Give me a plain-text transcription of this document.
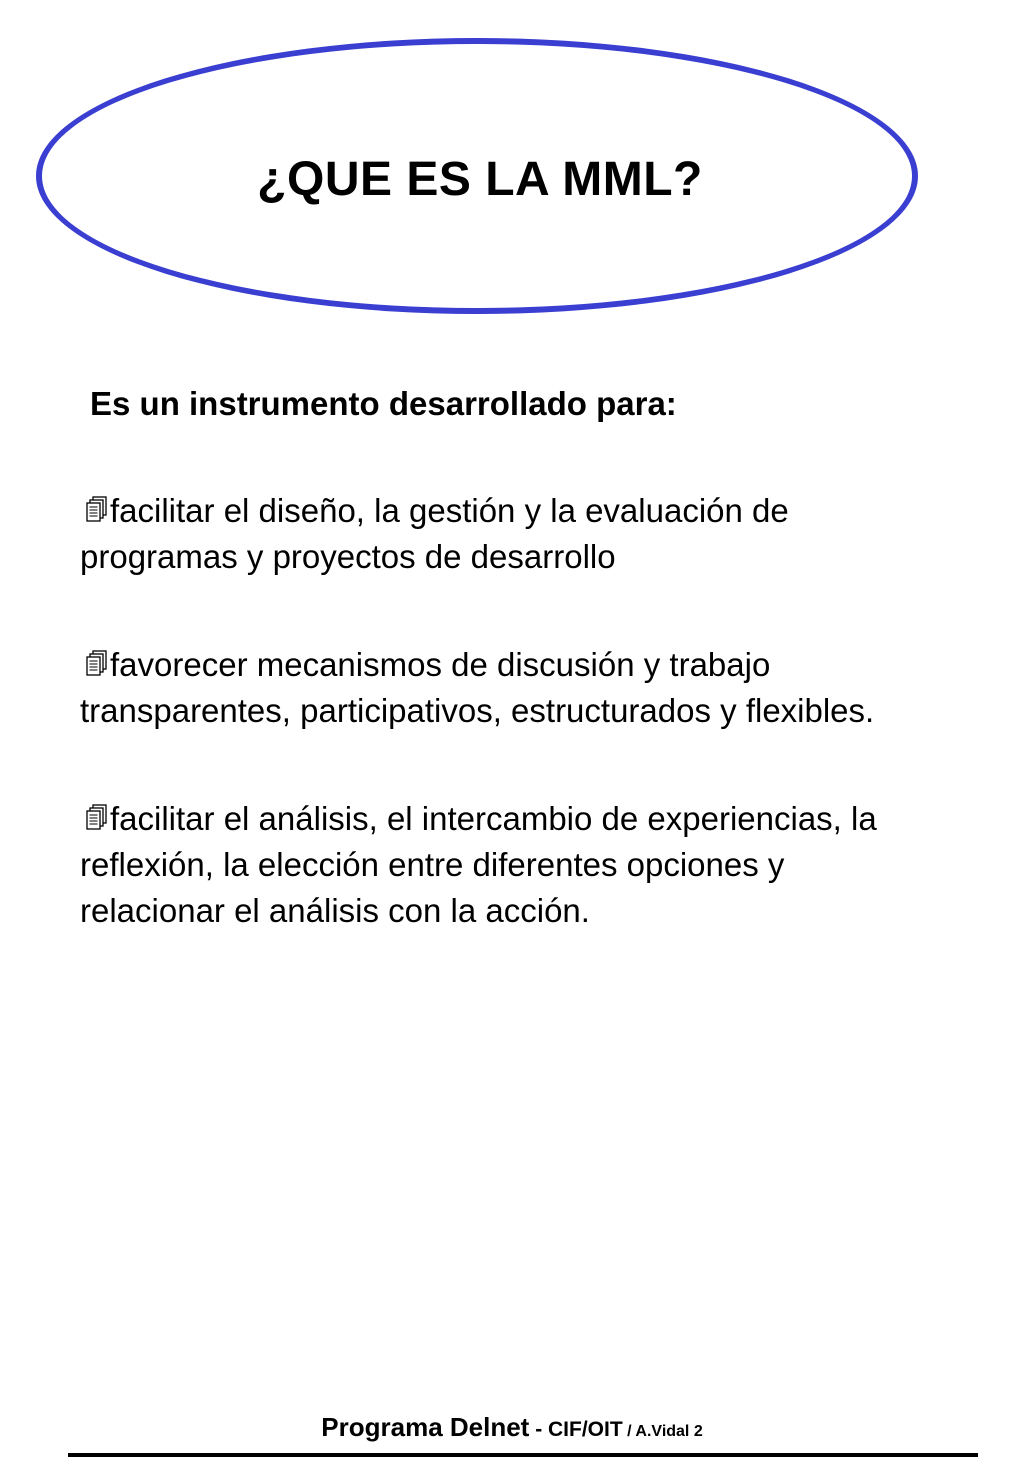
¿QUE ES LA MML?
Es un instrumento desarrollado para:

facilitar el diseño, la gestión y la evaluación de programas y proyectos de desarrollo

favorecer mecanismos de discusión y trabajo transparentes, participativos, estructurados y flexibles.

facilitar el análisis, el intercambio de experiencias, la reflexión, la elección entre diferentes opciones y relacionar el análisis con la acción.

Programa Delnet - CIF/OIT / A.Vidal 2
